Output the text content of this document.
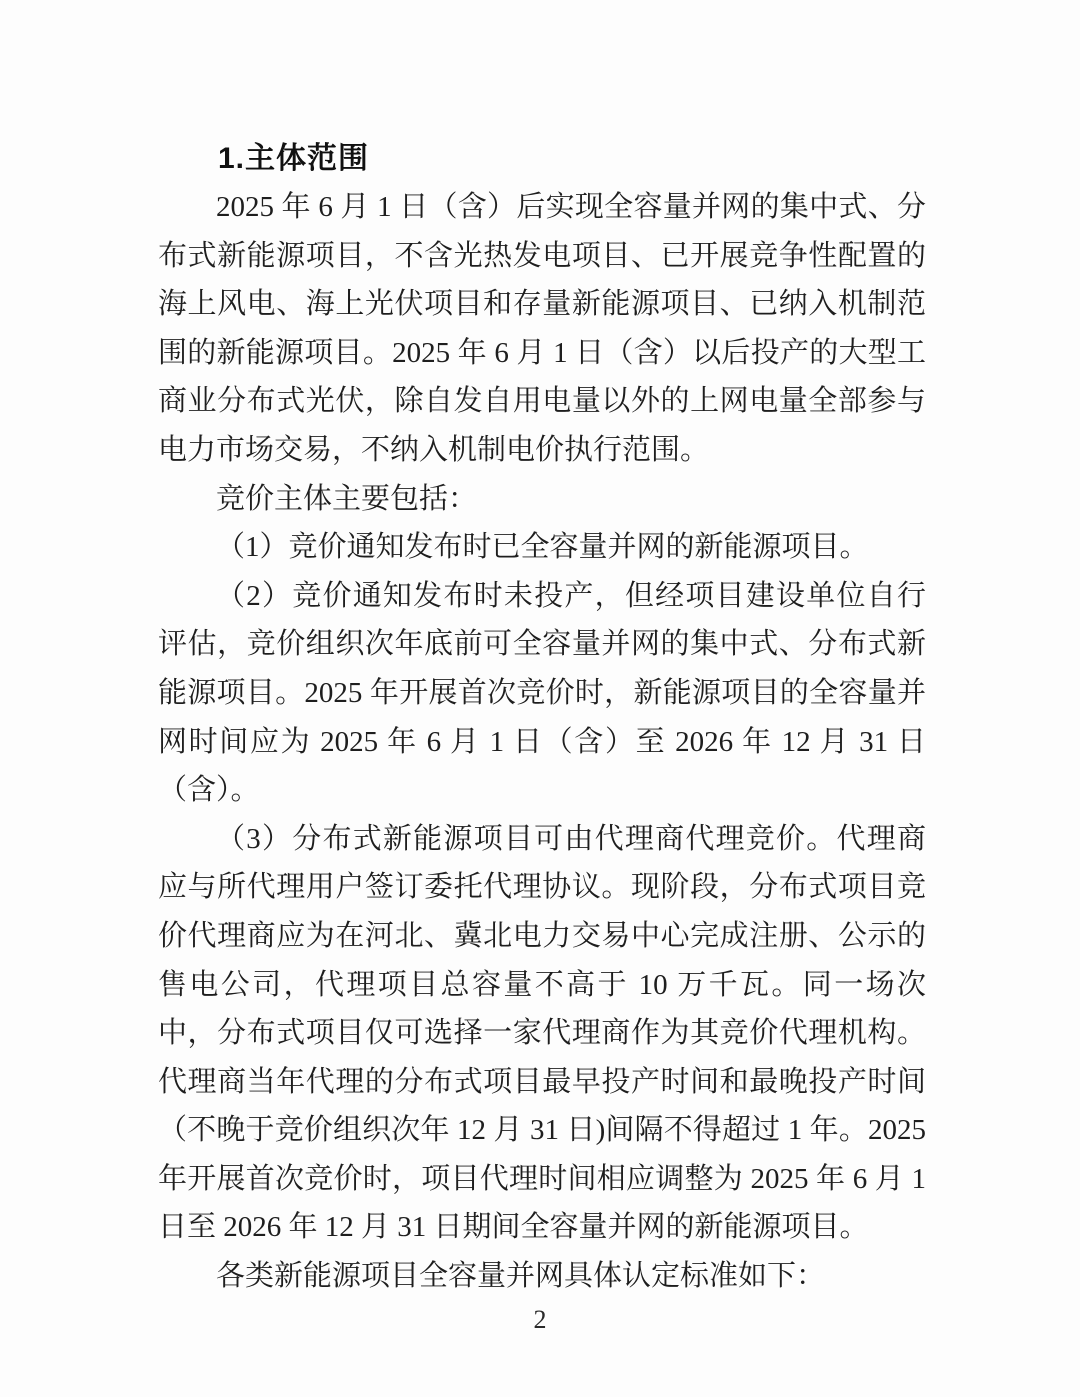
1.主体范围

2025 年 6 月 1 日（含）后实现全容量并网的集中式、分布式新能源项目，不含光热发电项目、已开展竞争性配置的海上风电、海上光伏项目和存量新能源项目、已纳入机制范围的新能源项目。2025 年 6 月 1 日（含）以后投产的大型工商业分布式光伏，除自发自用电量以外的上网电量全部参与电力市场交易，不纳入机制电价执行范围。

竞价主体主要包括：

（1）竞价通知发布时已全容量并网的新能源项目。

（2）竞价通知发布时未投产，但经项目建设单位自行评估，竞价组织次年底前可全容量并网的集中式、分布式新能源项目。2025 年开展首次竞价时，新能源项目的全容量并网时间应为 2025 年 6 月 1 日（含）至 2026 年 12 月 31 日（含）。

（3）分布式新能源项目可由代理商代理竞价。代理商应与所代理用户签订委托代理协议。现阶段，分布式项目竞价代理商应为在河北、冀北电力交易中心完成注册、公示的售电公司，代理项目总容量不高于 10 万千瓦。同一场次中，分布式项目仅可选择一家代理商作为其竞价代理机构。代理商当年代理的分布式项目最早投产时间和最晚投产时间（不晚于竞价组织次年 12 月 31 日)间隔不得超过 1 年。2025 年开展首次竞价时，项目代理时间相应调整为 2025 年 6 月 1 日至 2026 年 12 月 31 日期间全容量并网的新能源项目。

各类新能源项目全容量并网具体认定标准如下：

2
